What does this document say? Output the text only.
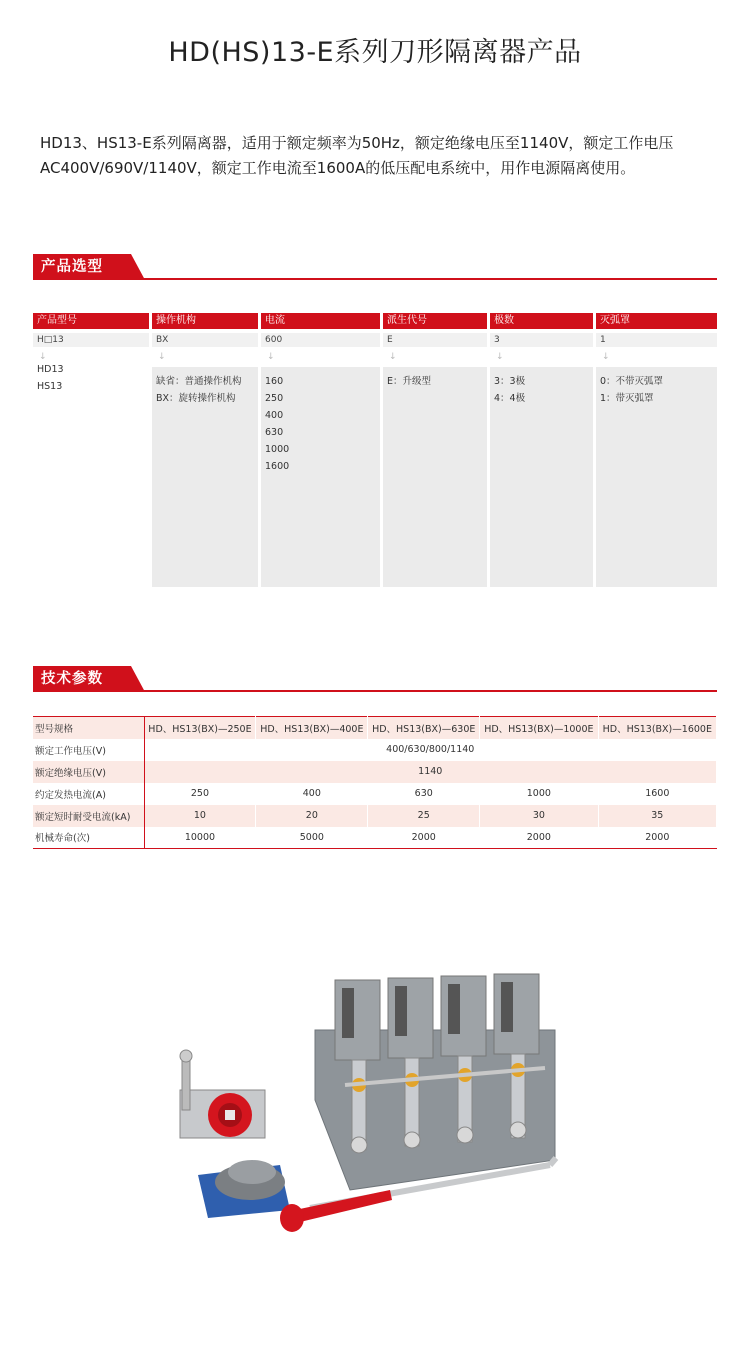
HD(HS)13-E系列刀形隔离器产品

HD13、HS13-E系列隔离器，适用于额定频率为50Hz，额定绝缘电压至1140V，额定工作电压AC400V/690V/1140V，额定工作电流至1600A的低压配电系统中，用作电源隔离使用。

产品选型
产品型号
H□13
↓
HD13
HS13
操作机构
BX
↓
缺省：普通操作机构
BX：旋转操作机构
电流
600
↓
160
250
400
630
1000
1600
派生代号
E
↓
E：升级型
极数
3
↓
3：3极
4：4极
灭弧罩
1
↓
0：不带灭弧罩
1：带灭弧罩
技术参数
型号规格	HD、HS13(BX)—250E	HD、HS13(BX)—400E	HD、HS13(BX)—630E	HD、HS13(BX)—1000E	HD、HS13(BX)—1600E
额定工作电压(V)	400/630/800/1140				
额定绝缘电压(V)	1140				
约定发热电流(A)	250	400	630	1000	1600
额定短时耐受电流(kA)	10	20	25	30	35
机械寿命(次)	10000	5000	2000	2000	2000
